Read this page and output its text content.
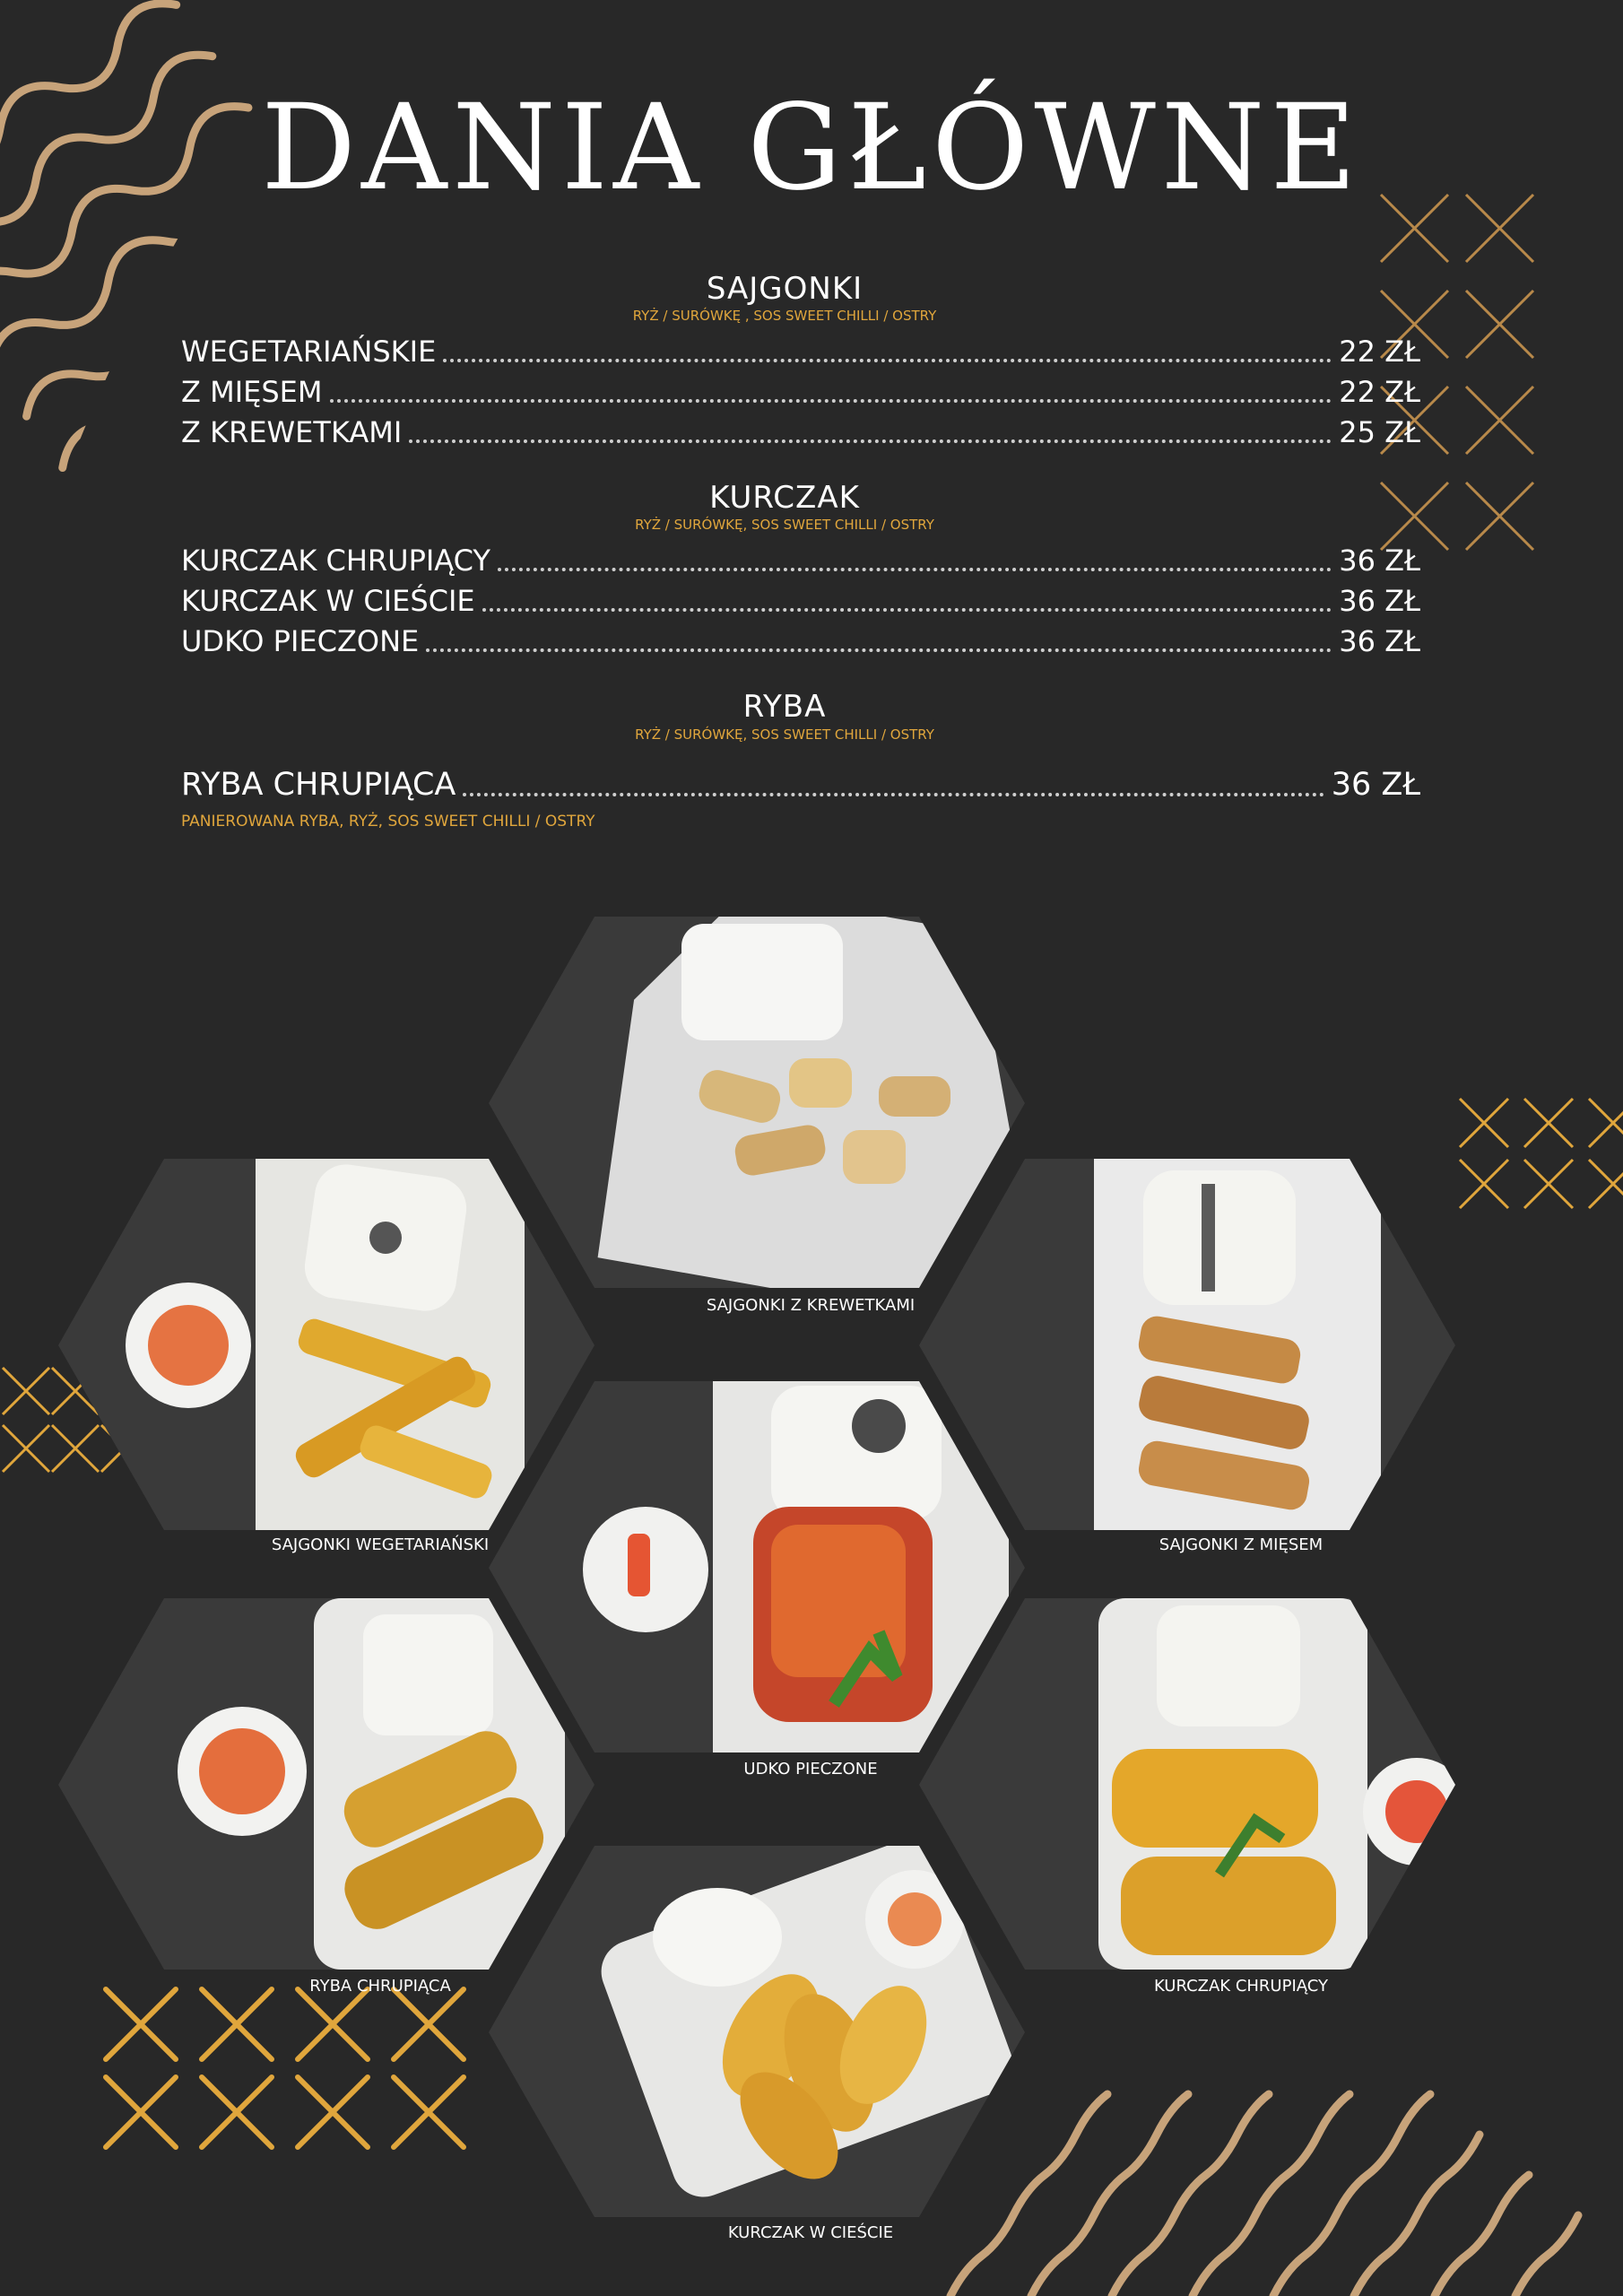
DANIA GŁÓWNE
SAJGONKI
RYŻ / SURÓWKĘ , SOS SWEET CHILLI / OSTRY
WEGETARIAŃSKIE	22 ZŁ
Z MIĘSEM	22 ZŁ
Z KREWETKAMI	25 ZŁ
KURCZAK
RYŻ / SURÓWKĘ, SOS SWEET CHILLI / OSTRY
KURCZAK CHRUPIĄCY	36 ZŁ
KURCZAK W CIEŚCIE	36 ZŁ
UDKO PIECZONE	36 ZŁ
RYBA
RYŻ / SURÓWKĘ, SOS SWEET CHILLI / OSTRY
RYBA CHRUPIĄCA	36 ZŁ
PANIEROWANA RYBA, RYŻ, SOS SWEET CHILLI / OSTRY
SAJGONKI Z KREWETKAMI
SAJGONKI WEGETARIAŃSKI	SAJGONKI Z MIĘSEM
UDKO PIECZONE
RYBA CHRUPIĄCA	KURCZAK CHRUPIĄCY
KURCZAK W CIEŚCIE
